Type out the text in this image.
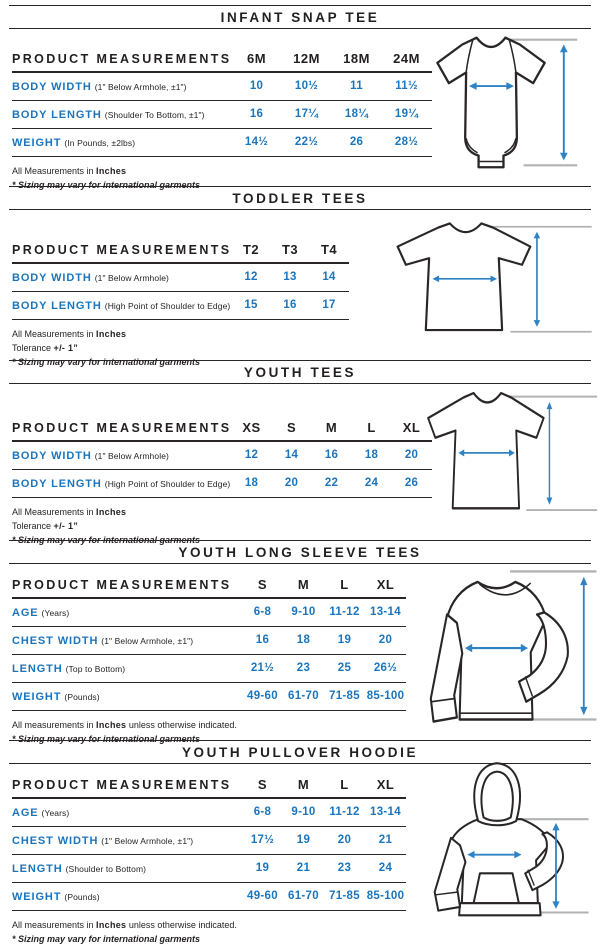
INFANT SNAP TEE
PRODUCT MEASUREMENTS	6M	12M	18M	24M
BODY WIDTH (1" Below Armhole, ±1")	10	10½	11	11½
BODY LENGTH (Shoulder To Bottom, ±1")	16	17¼	18¼	19¼
WEIGHT (In Pounds, ±2lbs)	14½	22½	26	28½
All Measurements in Inches
* Sizing may vary for international garments
TODDLER TEES
PRODUCT MEASUREMENTS	T2	T3	T4
BODY WIDTH (1" Below Armhole)	12	13	14
BODY LENGTH (High Point of Shoulder to Edge)	15	16	17
All Measurements in Inches
Tolerance +/- 1”
* Sizing may vary for international garments
YOUTH TEES
PRODUCT MEASUREMENTS	XS	S	M	L	XL
BODY WIDTH (1" Below Armhole)	12	14	16	18	20
BODY LENGTH (High Point of Shoulder to Edge)	18	20	22	24	26
All Measurements in Inches
Tolerance +/- 1”
* Sizing may vary for international garments
YOUTH LONG SLEEVE TEES
PRODUCT MEASUREMENTS	S	M	L	XL
AGE (Years)	6-8	9-10	11-12	13-14
CHEST WIDTH (1" Below Armhole, ±1")	16	18	19	20
LENGTH (Top to Bottom)	21½	23	25	26½
WEIGHT (Pounds)	49-60	61-70	71-85	85-100
All measurements in Inches unless otherwise indicated.
* Sizing may vary for international garments
YOUTH PULLOVER HOODIE
PRODUCT MEASUREMENTS	S	M	L	XL
AGE (Years)	6-8	9-10	11-12	13-14
CHEST WIDTH (1" Below Armhole, ±1")	17½	19	20	21
LENGTH (Shoulder to Bottom)	19	21	23	24
WEIGHT (Pounds)	49-60	61-70	71-85	85-100
All measurements in Inches unless otherwise indicated.
* Sizing may vary for international garments
